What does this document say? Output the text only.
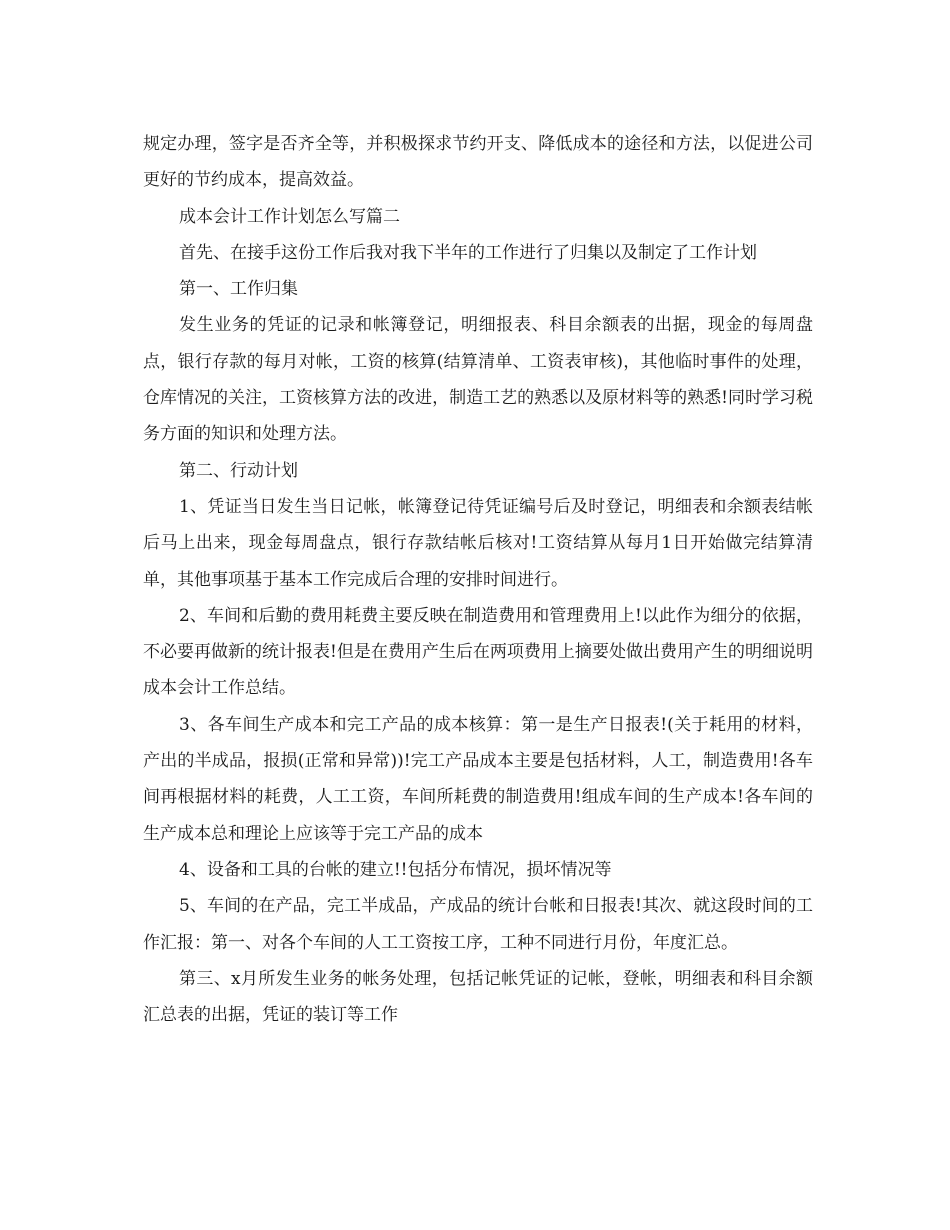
规定办理，签字是否齐全等，并积极探求节约开支、降低成本的途径和方法，以促进公司更好的节约成本，提高效益。

成本会计工作计划怎么写篇二

首先、在接手这份工作后我对我下半年的工作进行了归集以及制定了工作计划

第一、工作归集

发生业务的凭证的记录和帐簿登记，明细报表、科目余额表的出据，现金的每周盘点，银行存款的每月对帐，工资的核算(结算清单、工资表审核)，其他临时事件的处理，仓库情况的关注，工资核算方法的改进，制造工艺的熟悉以及原材料等的熟悉!同时学习税务方面的知识和处理方法。

第二、行动计划

1、凭证当日发生当日记帐，帐簿登记待凭证编号后及时登记，明细表和余额表结帐后马上出来，现金每周盘点，银行存款结帐后核对!工资结算从每月1日开始做完结算清单，其他事项基于基本工作完成后合理的安排时间进行。

2、车间和后勤的费用耗费主要反映在制造费用和管理费用上!以此作为细分的依据，不必要再做新的统计报表!但是在费用产生后在两项费用上摘要处做出费用产生的明细说明成本会计工作总结。

3、各车间生产成本和完工产品的成本核算：第一是生产日报表!(关于耗用的材料，产出的半成品，报损(正常和异常))!完工产品成本主要是包括材料，人工，制造费用!各车间再根据材料的耗费，人工工资，车间所耗费的制造费用!组成车间的生产成本!各车间的生产成本总和理论上应该等于完工产品的成本

4、设备和工具的台帐的建立!!包括分布情况，损坏情况等

5、车间的在产品，完工半成品，产成品的统计台帐和日报表!其次、就这段时间的工作汇报：第一、对各个车间的人工工资按工序，工种不同进行月份，年度汇总。

第三、x月所发生业务的帐务处理，包括记帐凭证的记帐，登帐，明细表和科目余额汇总表的出据，凭证的装订等工作
